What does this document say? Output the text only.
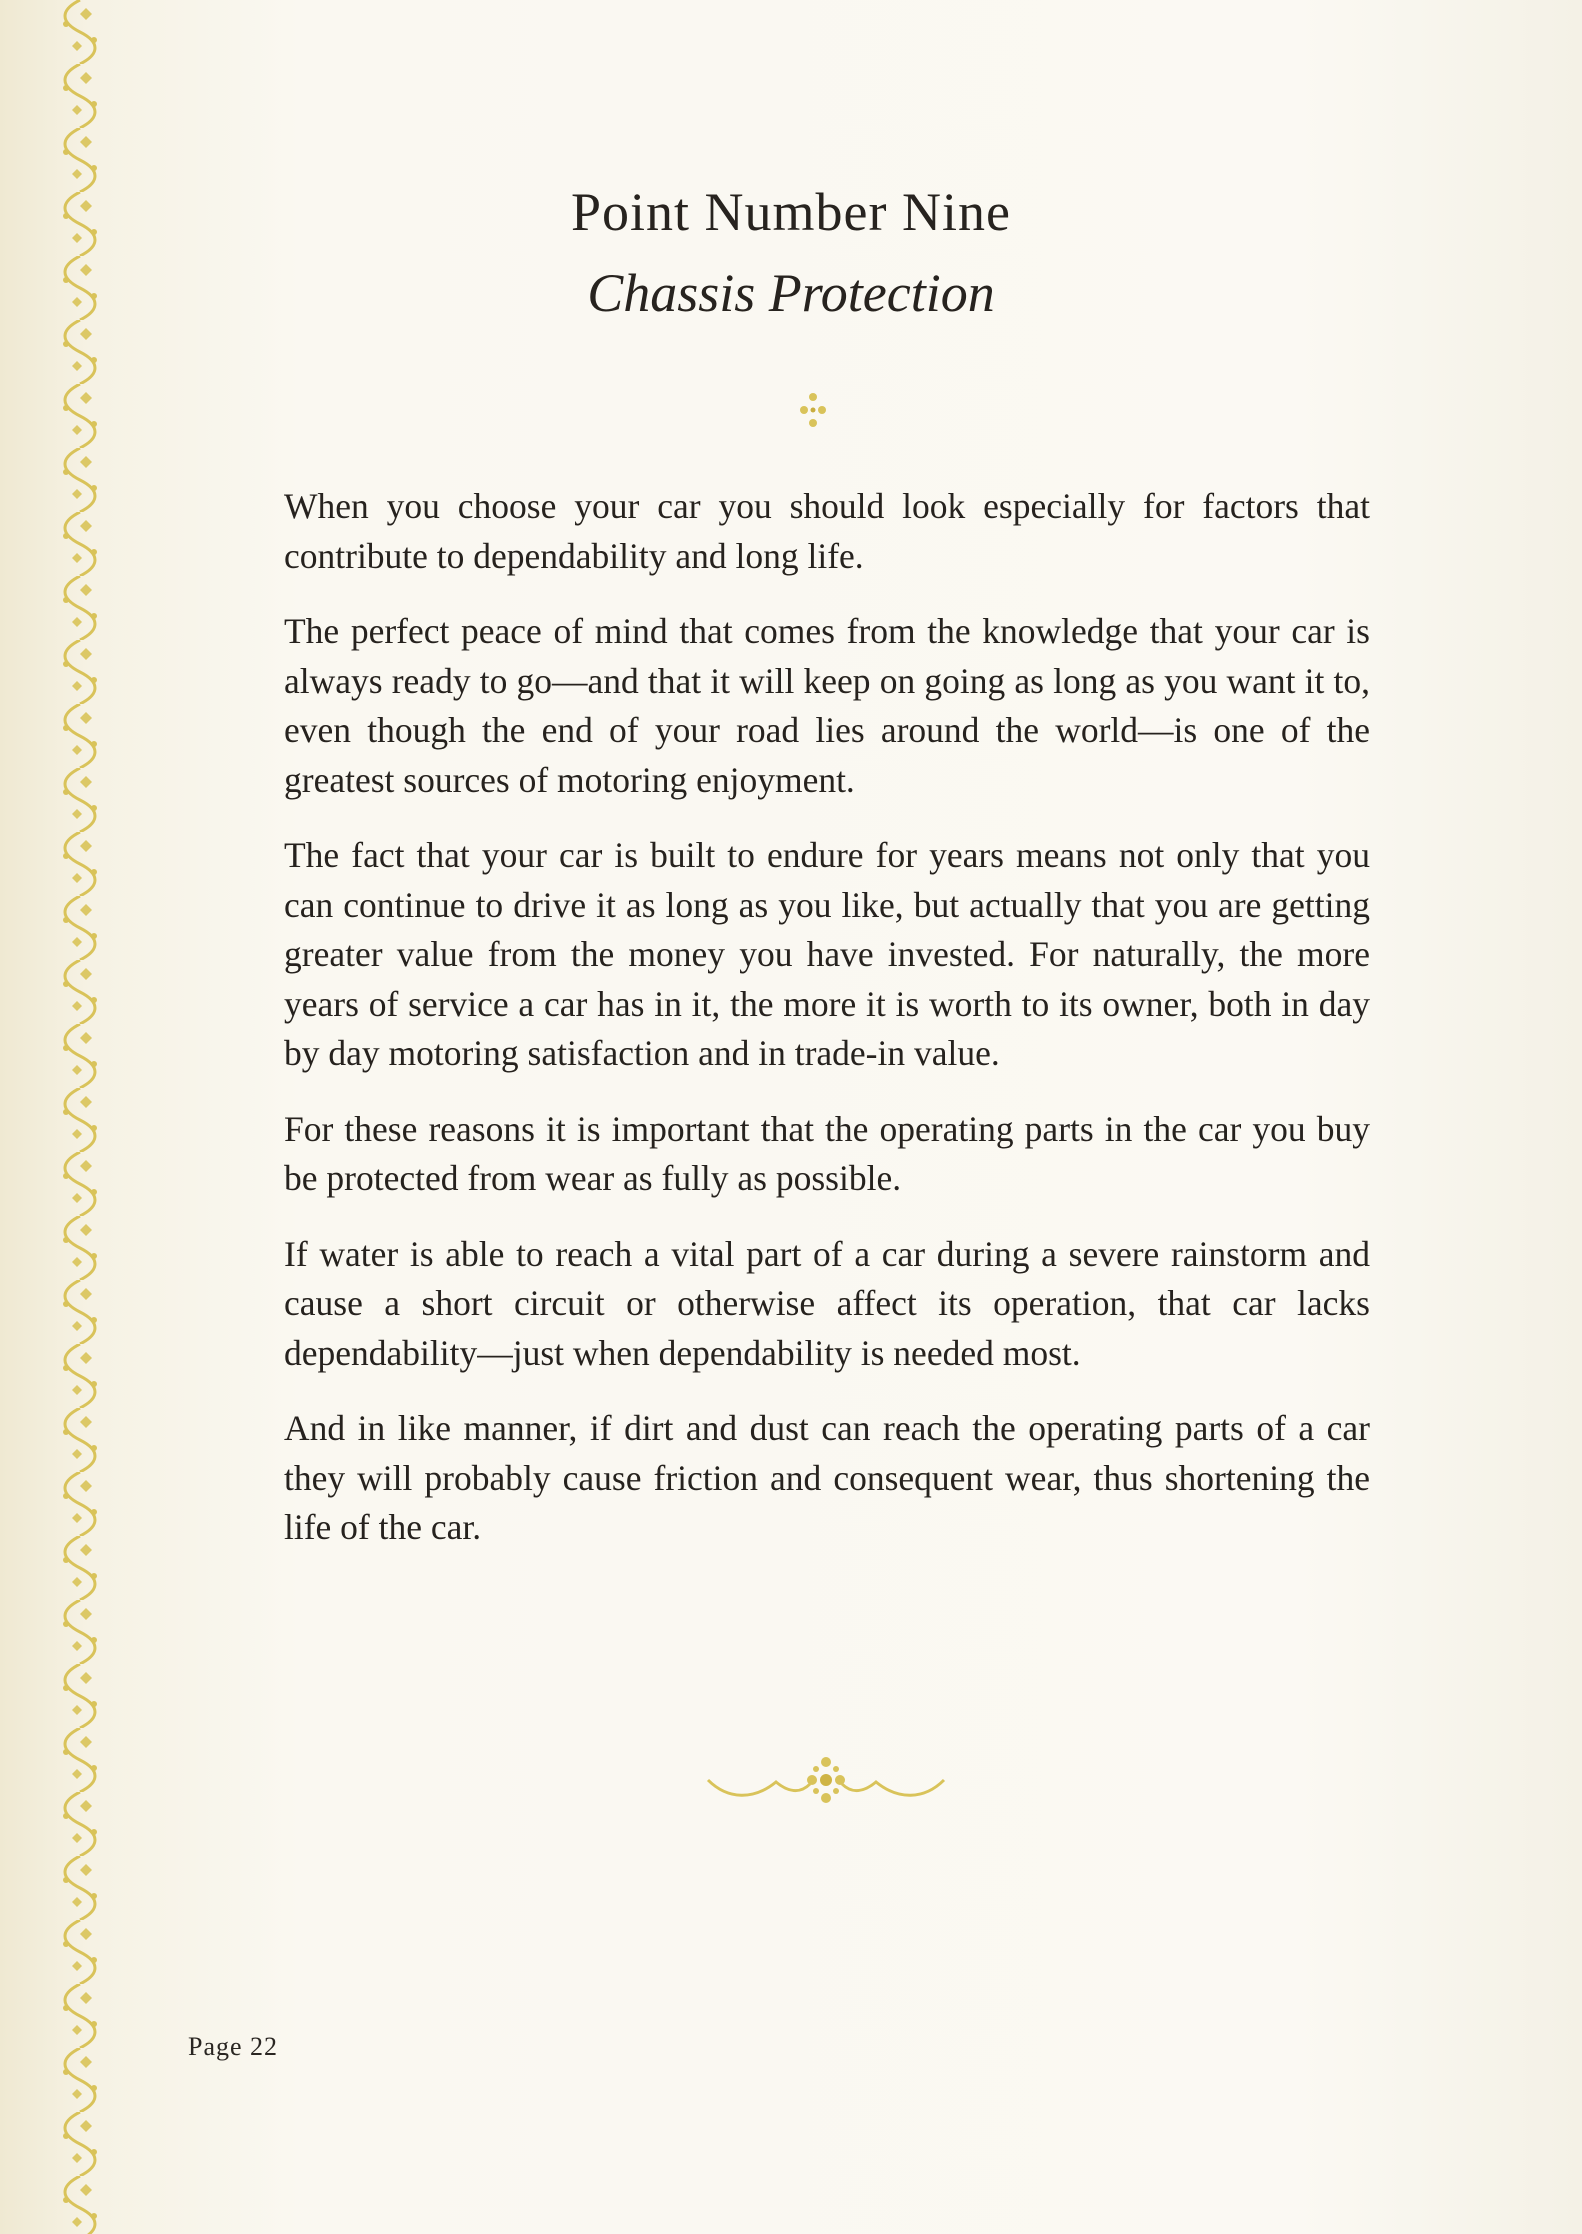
Point Number Nine
Chassis Protection

When you choose your car you should look especially for factors that contribute to dependability and long life.

The perfect peace of mind that comes from the knowledge that your car is always ready to go—and that it will keep on going as long as you want it to, even though the end of your road lies around the world—is one of the greatest sources of motoring enjoyment.

The fact that your car is built to endure for years means not only that you can continue to drive it as long as you like, but actually that you are getting greater value from the money you have invested. For naturally, the more years of service a car has in it, the more it is worth to its owner, both in day by day motoring satisfaction and in trade-in value.

For these reasons it is important that the operating parts in the car you buy be protected from wear as fully as possible.

If water is able to reach a vital part of a car during a severe rainstorm and cause a short circuit or otherwise affect its operation, that car lacks dependability—just when dependability is needed most.

And in like manner, if dirt and dust can reach the operating parts of a car they will probably cause friction and consequent wear, thus shortening the life of the car.

Page 22
